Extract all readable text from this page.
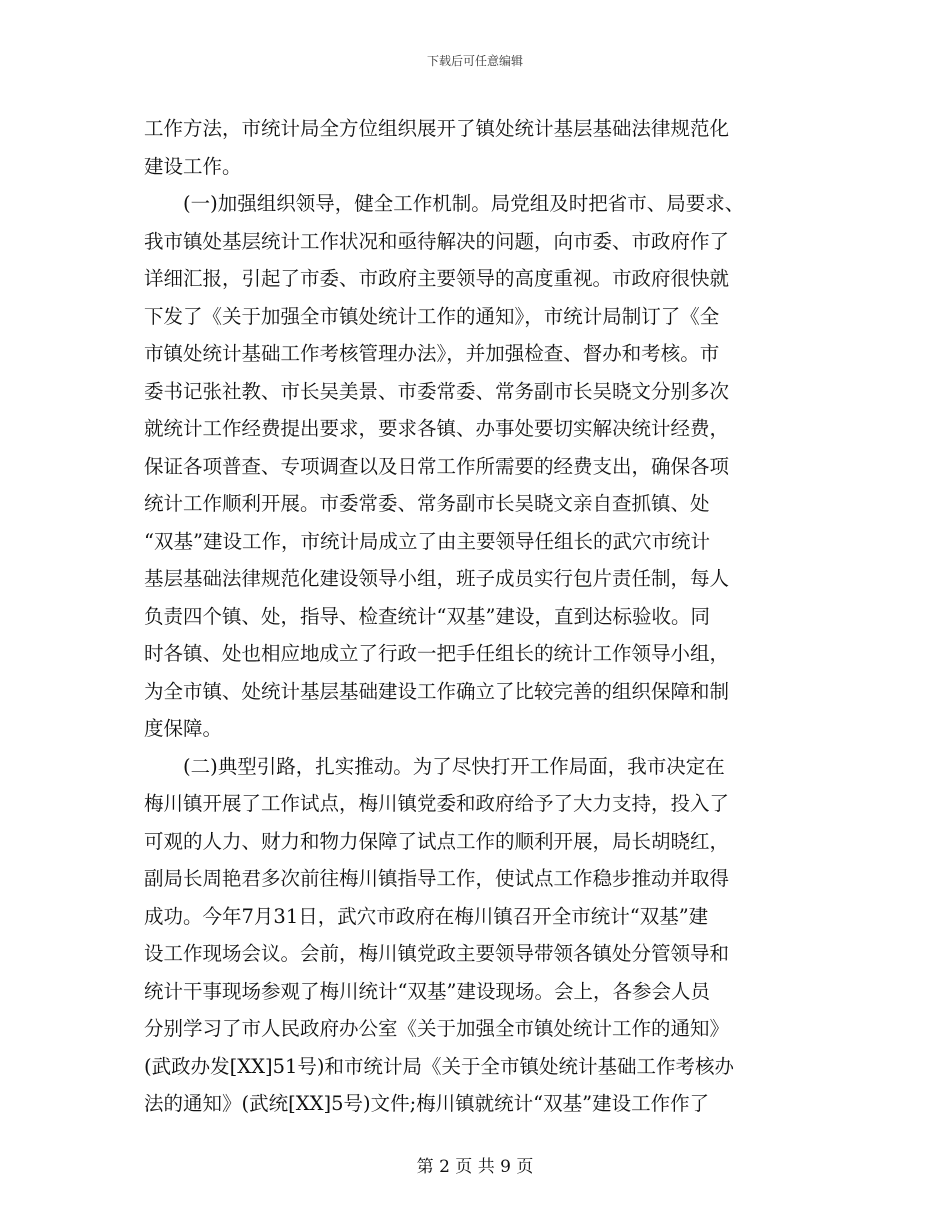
下载后可任意编辑
工作方法，市统计局全方位组织展开了镇处统计基层基础法律规范化
建设工作。
(一)加强组织领导，健全工作机制。局党组及时把省市、局要求、
我市镇处基层统计工作状况和亟待解决的问题，向市委、市政府作了
详细汇报，引起了市委、市政府主要领导的高度重视。市政府很快就
下发了《关于加强全市镇处统计工作的通知》，市统计局制订了《全
市镇处统计基础工作考核管理办法》，并加强检查、督办和考核。市
委书记张社教、市长吴美景、市委常委、常务副市长吴晓文分别多次
就统计工作经费提出要求，要求各镇、办事处要切实解决统计经费，
保证各项普查、专项调查以及日常工作所需要的经费支出，确保各项
统计工作顺利开展。市委常委、常务副市长吴晓文亲自查抓镇、处
“双基”建设工作，市统计局成立了由主要领导任组长的武穴市统计
基层基础法律规范化建设领导小组，班子成员实行包片责任制，每人
负责四个镇、处，指导、检查统计“双基”建设，直到达标验收。同
时各镇、处也相应地成立了行政一把手任组长的统计工作领导小组，
为全市镇、处统计基层基础建设工作确立了比较完善的组织保障和制
度保障。
(二)典型引路，扎实推动。为了尽快打开工作局面，我市决定在
梅川镇开展了工作试点，梅川镇党委和政府给予了大力支持，投入了
可观的人力、财力和物力保障了试点工作的顺利开展，局长胡晓红，
副局长周艳君多次前往梅川镇指导工作，使试点工作稳步推动并取得
成功。今年7月31日，武穴市政府在梅川镇召开全市统计“双基”建
设工作现场会议。会前，梅川镇党政主要领导带领各镇处分管领导和
统计干事现场参观了梅川统计“双基”建设现场。会上，各参会人员
分别学习了市人民政府办公室《关于加强全市镇处统计工作的通知》
(武政办发[XX]51号)和市统计局《关于全市镇处统计基础工作考核办
法的通知》(武统[XX]5号)文件;梅川镇就统计“双基”建设工作作了
第 2 页 共 9 页
